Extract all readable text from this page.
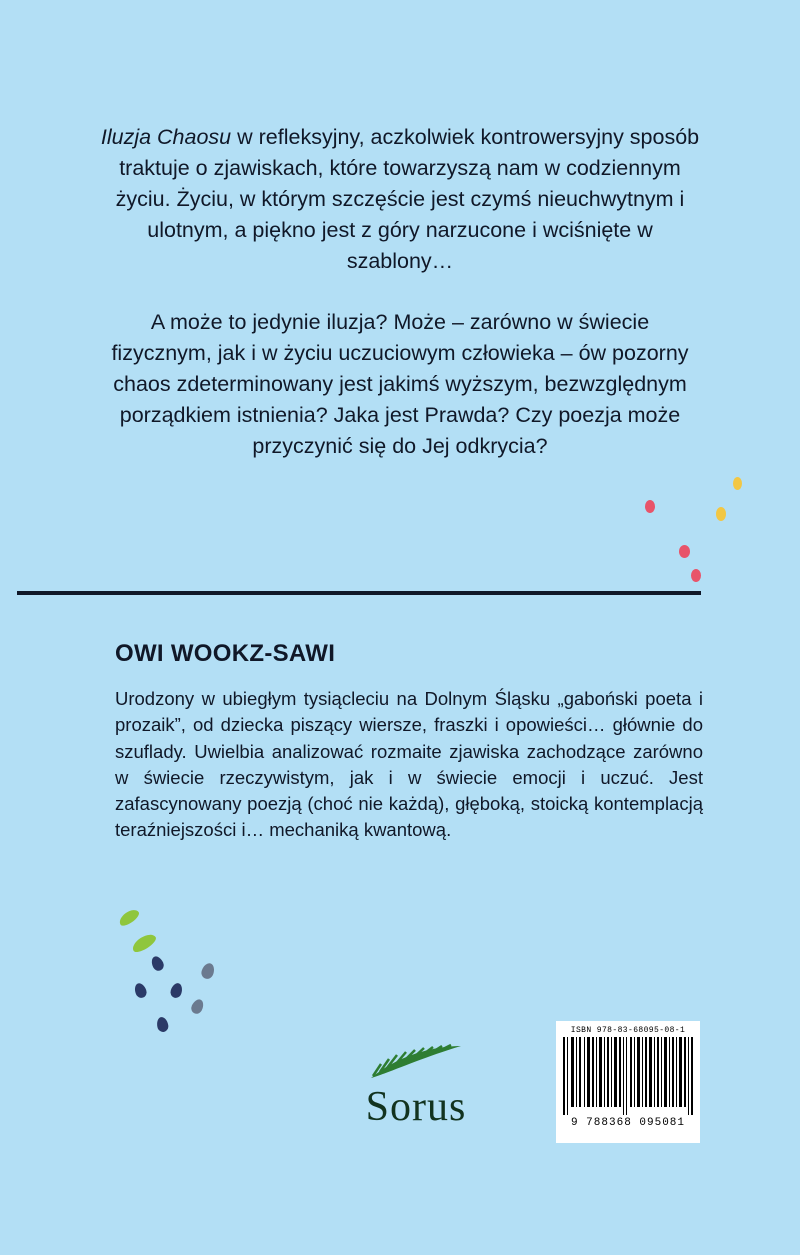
Iluzja Chaosu w refleksyjny, aczkolwiek kontrowersyjny sposób traktuje o zjawiskach, które towarzyszą nam w codziennym życiu. Życiu, w którym szczęście jest czymś nieuchwytnym i ulotnym, a piękno jest z góry narzucone i wciśnięte w szablony…

A może to jedynie iluzja? Może – zarówno w świecie fizycznym, jak i w życiu uczuciowym człowieka – ów pozorny chaos zdeterminowany jest jakimś wyższym, bezwzględnym porządkiem istnienia? Jaka jest Prawda? Czy poezja może przyczynić się do Jej odkrycia?

OWI WOOKZ-SAWI
Urodzony w ubiegłym tysiącleciu na Dolnym Śląsku „gaboński poeta i prozaik”, od dziecka piszący wiersze, fraszki i opowieści… głównie do szuflady. Uwielbia analizować rozmaite zjawiska zachodzące zarówno w świecie rzeczywistym, jak i w świecie emocji i uczuć. Jest zafascynowany poezją (choć nie każdą), głęboką, stoicką kontemplacją teraźniejszości i… mechaniką kwantową.
Sorus
ISBN 978-83-68095-08-1
9 788368 095081
